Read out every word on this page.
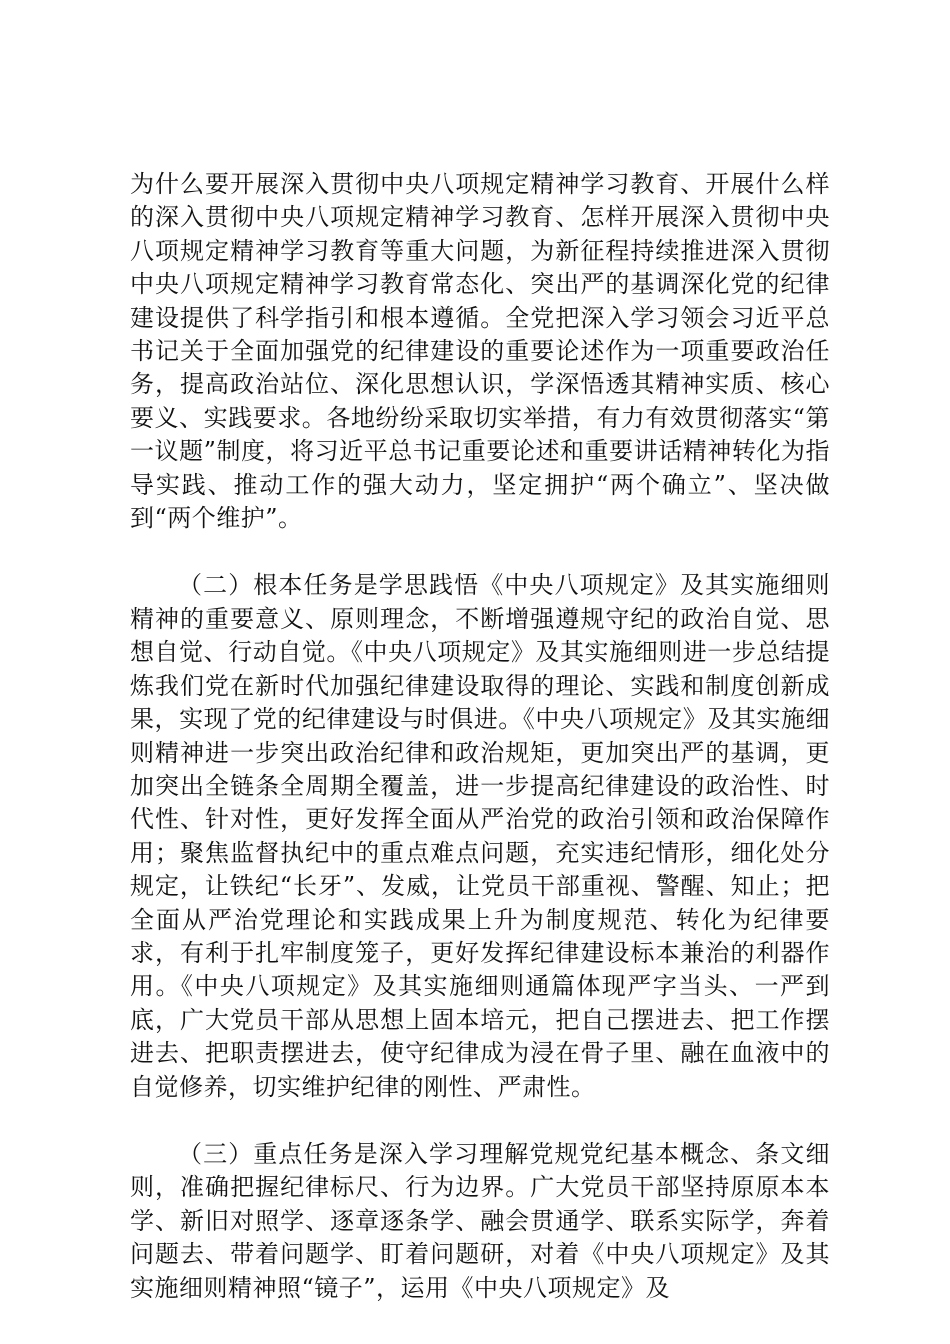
为什么要开展深入贯彻中央八项规定精神学习教育、开展什么样的深入贯彻中央八项规定精神学习教育、怎样开展深入贯彻中央八项规定精神学习教育等重大问题，为新征程持续推进深入贯彻中央八项规定精神学习教育常态化、突出严的基调深化党的纪律建设提供了科学指引和根本遵循。全党把深入学习领会习近平总书记关于全面加强党的纪律建设的重要论述作为一项重要政治任务，提高政治站位、深化思想认识，学深悟透其精神实质、核心要义、实践要求。各地纷纷采取切实举措，有力有效贯彻落实“第一议题”制度，将习近平总书记重要论述和重要讲话精神转化为指导实践、推动工作的强大动力，坚定拥护“两个确立”、坚决做到“两个维护”。

（二）根本任务是学思践悟《中央八项规定》及其实施细则精神的重要意义、原则理念，不断增强遵规守纪的政治自觉、思想自觉、行动自觉。《中央八项规定》及其实施细则进一步总结提炼我们党在新时代加强纪律建设取得的理论、实践和制度创新成果，实现了党的纪律建设与时俱进。《中央八项规定》及其实施细则精神进一步突出政治纪律和政治规矩，更加突出严的基调，更加突出全链条全周期全覆盖，进一步提高纪律建设的政治性、时代性、针对性，更好发挥全面从严治党的政治引领和政治保障作用；聚焦监督执纪中的重点难点问题，充实违纪情形，细化处分规定，让铁纪“长牙”、发威，让党员干部重视、警醒、知止；把全面从严治党理论和实践成果上升为制度规范、转化为纪律要求，有利于扎牢制度笼子，更好发挥纪律建设标本兼治的利器作用。《中央八项规定》及其实施细则通篇体现严字当头、一严到底，广大党员干部从思想上固本培元，把自己摆进去、把工作摆进去、把职责摆进去，使守纪律成为浸在骨子里、融在血液中的自觉修养，切实维护纪律的刚性、严肃性。

（三）重点任务是深入学习理解党规党纪基本概念、条文细则，准确把握纪律标尺、行为边界。广大党员干部坚持原原本本学、新旧对照学、逐章逐条学、融会贯通学、联系实际学，奔着问题去、带着问题学、盯着问题研，对着《中央八项规定》及其实施细则精神照“镜子”，运用《中央八项规定》及
